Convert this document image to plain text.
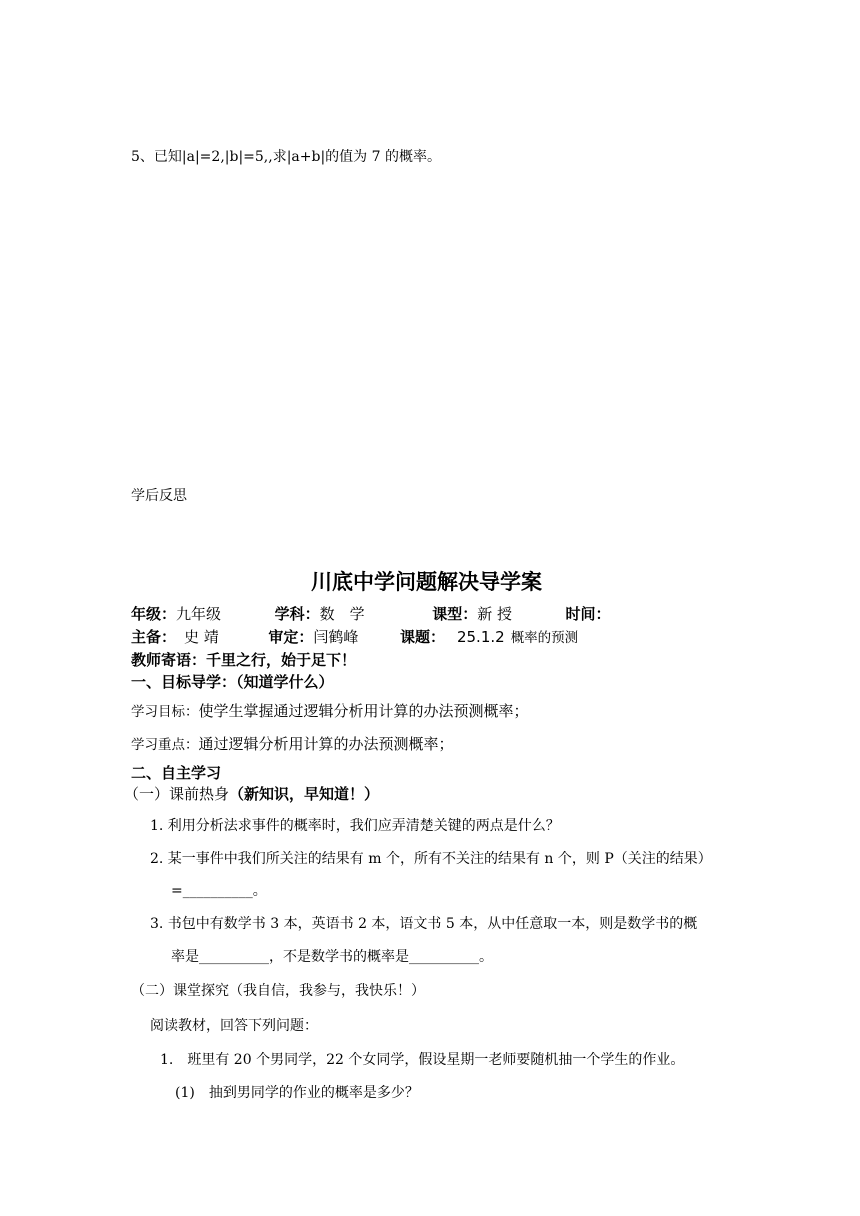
5、已知|a|=2,|b|=5,,求|a+b|的值为 7 的概率。
学后反思
川底中学问题解决导学案
年级：九年级	学科：数　学	课型：新 授	时间：
主备： 史 靖	审定：闫鹤峰	课题： 25.1.2 概率的预测
教师寄语：千里之行，始于足下！
一、目标导学：（知道学什么）
学习目标：使学生掌握通过逻辑分析用计算的办法预测概率；
学习重点：通过逻辑分析用计算的办法预测概率；
二、自主学习
（一）课前热身（新知识，早知道！）
1. 利用分析法求事件的概率时，我们应弄清楚关键的两点是什么？
2. 某一事件中我们所关注的结果有 m 个，所有不关注的结果有 n 个，则 P（关注的结果）
=__________。
3. 书包中有数学书 3 本，英语书 2 本，语文书 5 本，从中任意取一本，则是数学书的概
率是__________，不是数学书的概率是__________。
（二）课堂探究（我自信，我参与，我快乐！）
阅读教材，回答下列问题：
1.　班里有 20 个男同学，22 个女同学，假设星期一老师要随机抽一个学生的作业。
(1)　抽到男同学的作业的概率是多少？
